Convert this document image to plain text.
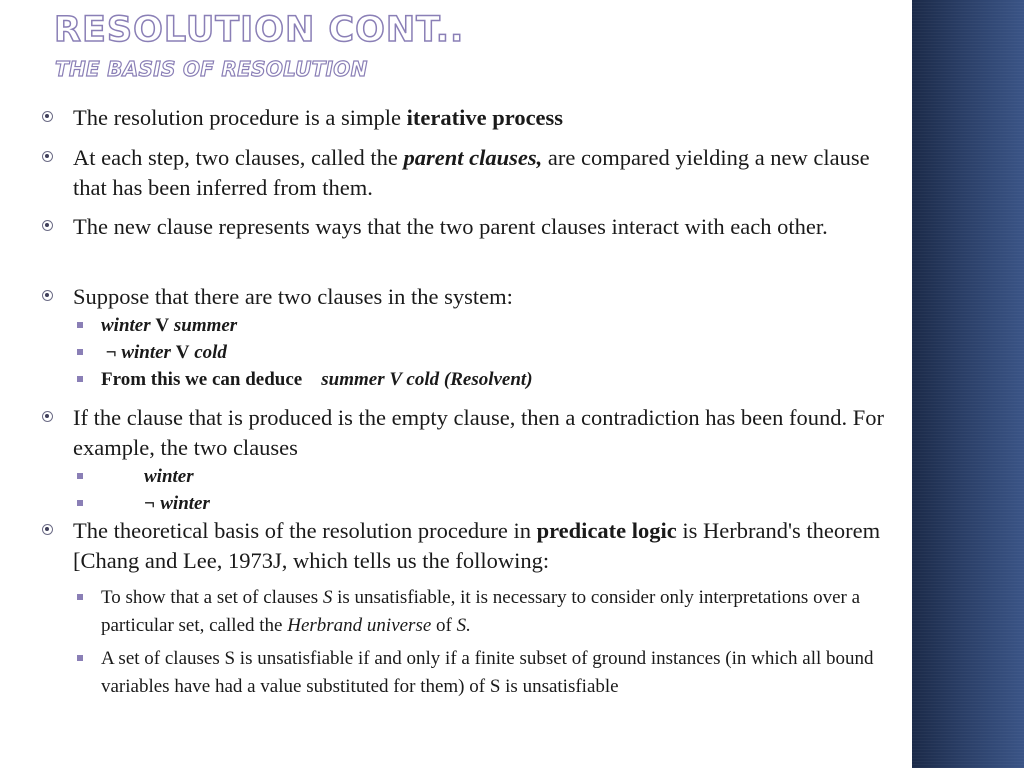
RESOLUTION CONT..
THE BASIS OF RESOLUTION
The resolution procedure is a simple iterative process
At each step, two clauses, called the parent clauses, are compared yielding a new clause that has been inferred from them.
The new clause represents ways that the two parent clauses interact with each other.
Suppose that there are two clauses in the system:
winter V summer
¬ winter V cold
From this we can deduce    summer V cold (Resolvent)
If the clause that is produced is the empty clause, then a contradiction has been found. For example, the two clauses
winter
¬ winter
The theoretical basis of the resolution procedure in predicate logic is Herbrand's theorem [Chang and Lee, 1973J, which tells us the following:
To show that a set of clauses S is unsatisfiable, it is necessary to consider only interpretations over a particular set, called the Herbrand universe of S.
A set of clauses S is unsatisfiable if and only if a finite subset of ground instances (in which all bound variables have had a value substituted for them) of S is unsatisfiable
